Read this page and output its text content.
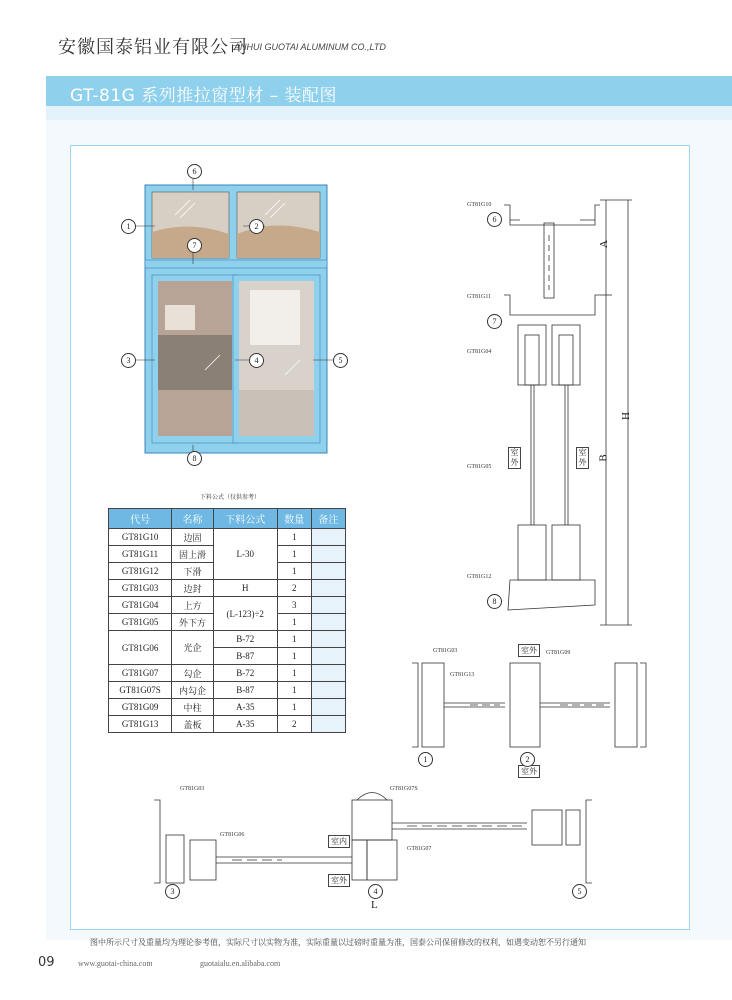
安徽国泰铝业有限公司
ANHUI GUOTAI ALUMINUM CO.,LTD
GT-81G 系列推拉窗型材 – 装配图
6
1	2
7
3	4	5
8
GT81G10
6
GT81G11
7
GT81G04
GT81G05
GT81G12
8
室外
室外
A
B
H
下料公式（仅供参考）
代号	名称	下料公式	数量	备注
GT81G10	边固	L-30	1	
GT81G11	固上滑		1	
GT81G12	下滑		1	
GT81G03	边封	H	2	
GT81G04	上方	(L-123)÷2	3	
GT81G05	外下方		1	
GT81G06	光企	B-72	1	
		B-87	1	
GT81G07	勾企	B-72	1	
GT81G07S	内勾企	B-87	1	
GT81G09	中柱	A-35	1	
GT81G13	盖板	A-35	2	
GT81G03
GT81G13
GT81G09
室外
室外
1	2
GT81G03
GT81G06
GT81G07S
GT81G07
室内
室外
3	4	5
L
图中所示尺寸及重量均为理论参考值，实际尺寸以实物为准，实际重量以过磅时重量为准，国泰公司保留修改的权利，如遇变动恕不另行通知
09	www.guotai-china.com	guotaialu.en.alibaba.com
